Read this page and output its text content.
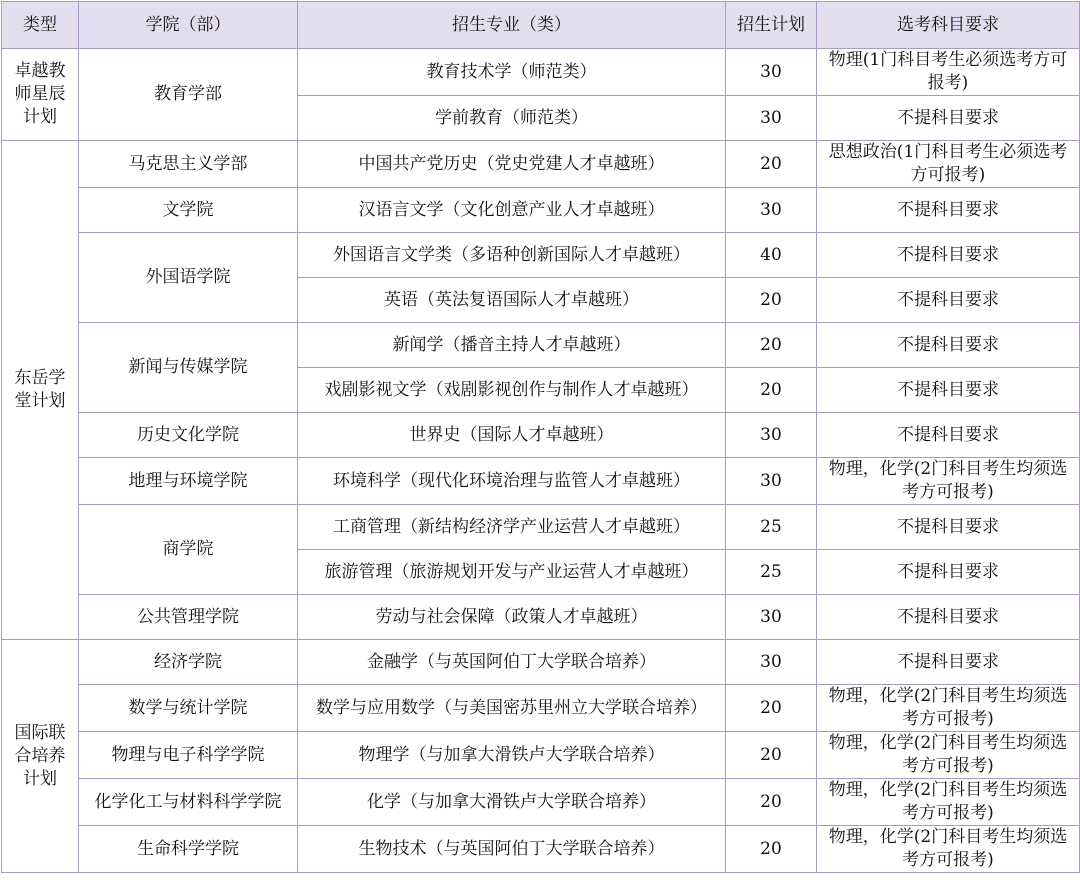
类型	学院（部）	招生专业（类）	招生计划	选考科目要求
卓越教师星辰计划	教育学部	教育技术学（师范类）	30	物理(1门科目考生必须选考方可报考)
		学前教育（师范类）	30	不提科目要求
东岳学堂计划	马克思主义学部	中国共产党历史（党史党建人才卓越班）	20	思想政治(1门科目考生必须选考方可报考)
	文学院	汉语言文学（文化创意产业人才卓越班）	30	不提科目要求
	外国语学院	外国语言文学类（多语种创新国际人才卓越班）	40	不提科目要求
		英语（英法复语国际人才卓越班）	20	不提科目要求
	新闻与传媒学院	新闻学（播音主持人才卓越班）	20	不提科目要求
		戏剧影视文学（戏剧影视创作与制作人才卓越班）	20	不提科目要求
	历史文化学院	世界史（国际人才卓越班）	30	不提科目要求
	地理与环境学院	环境科学（现代化环境治理与监管人才卓越班）	30	物理，化学(2门科目考生均须选考方可报考)
	商学院	工商管理（新结构经济学产业运营人才卓越班）	25	不提科目要求
		旅游管理（旅游规划开发与产业运营人才卓越班）	25	不提科目要求
	公共管理学院	劳动与社会保障（政策人才卓越班）	30	不提科目要求
国际联合培养计划	经济学院	金融学（与英国阿伯丁大学联合培养）	30	不提科目要求
	数学与统计学院	数学与应用数学（与美国密苏里州立大学联合培养）	20	物理，化学(2门科目考生均须选考方可报考)
	物理与电子科学学院	物理学（与加拿大滑铁卢大学联合培养）	20	物理，化学(2门科目考生均须选考方可报考)
	化学化工与材料科学学院	化学（与加拿大滑铁卢大学联合培养）	20	物理，化学(2门科目考生均须选考方可报考)
	生命科学学院	生物技术（与英国阿伯丁大学联合培养）	20	物理，化学(2门科目考生均须选考方可报考)
